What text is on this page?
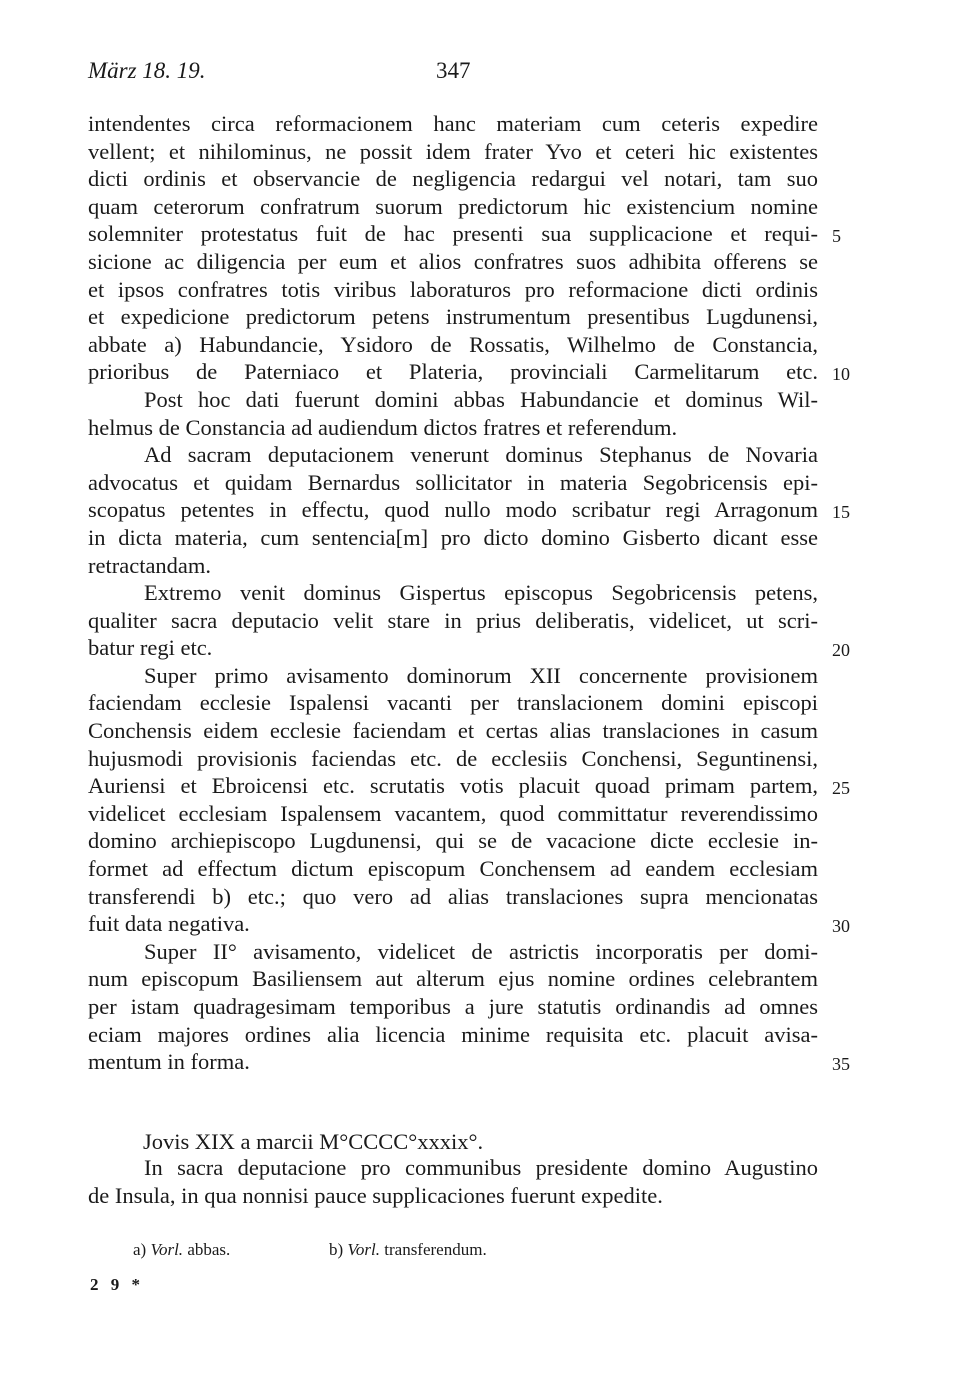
März 18. 19.	347
intendentes circa reformacionem hanc materiam cum ceteris expedire
vellent; et nihilominus, ne possit idem frater Yvo et ceteri hic existentes
dicti ordinis et observancie de negligencia redargui vel notari, tam suo
quam ceterorum confratrum suorum predictorum hic existencium nomine
solemniter protestatus fuit de hac presenti sua supplicacione et requi-
sicione ac diligencia per eum et alios confratres suos adhibita offerens se
et ipsos confratres totis viribus laboraturos pro reformacione dicti ordinis
et expedicione predictorum petens instrumentum presentibus Lugdunensi,
abbate a) Habundancie, Ysidoro de Rossatis, Wilhelmo de Constancia,
prioribus de Paterniaco et Plateria, provinciali Carmelitarum etc.
Post hoc dati fuerunt domini abbas Habundancie et dominus Wil-
helmus de Constancia ad audiendum dictos fratres et referendum.
Ad sacram deputacionem venerunt dominus Stephanus de Novaria
advocatus et quidam Bernardus sollicitator in materia Segobricensis epi-
scopatus petentes in effectu, quod nullo modo scribatur regi Arragonum
in dicta materia, cum sentencia[m] pro dicto domino Gisberto dicant esse
retractandam.
Extremo venit dominus Gispertus episcopus Segobricensis petens,
qualiter sacra deputacio velit stare in prius deliberatis, videlicet, ut scri-
batur regi etc.
Super primo avisamento dominorum XII concernente provisionem
faciendam ecclesie Ispalensi vacanti per translacionem domini episcopi
Conchensis eidem ecclesie faciendam et certas alias translaciones in casum
hujusmodi provisionis faciendas etc. de ecclesiis Conchensi, Seguntinensi,
Auriensi et Ebroicensi etc. scrutatis votis placuit quoad primam partem,
videlicet ecclesiam Ispalensem vacantem, quod committatur reverendissimo
domino archiepiscopo Lugdunensi, qui se de vacacione dicte ecclesie in-
formet ad effectum dictum episcopum Conchensem ad eandem ecclesiam
transferendi b) etc.; quo vero ad alias translaciones supra mencionatas
fuit data negativa.
Super II° avisamento, videlicet de astrictis incorporatis per domi-
num episcopum Basiliensem aut alterum ejus nomine ordines celebrantem
per istam quadragesimam temporibus a jure statutis ordinandis ad omnes
eciam majores ordines alia licencia minime requisita etc. placuit avisa-
mentum in forma.
5
10
15
20
25
30
35
Jovis XIX a marcii M°CCCC°xxxix°.
In sacra deputacione pro communibus presidente domino Augustino
de Insula, in qua nonnisi pauce supplicaciones fuerunt expedite.
a) Vorl. abbas.	b) Vorl. transferendum.
2 9 *
